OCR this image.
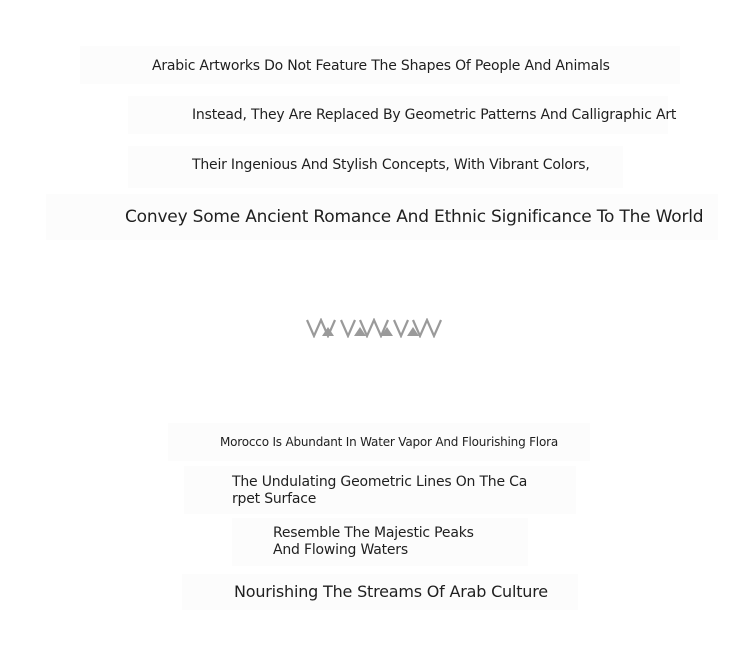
Arabic Artworks Do Not Feature The Shapes Of People And Animals
Instead, They Are Replaced By Geometric Patterns And Calligraphic Art
Their Ingenious And Stylish Concepts, With Vibrant Colors,
Convey Some Ancient Romance And Ethnic Significance To The World
Morocco Is Abundant In Water Vapor And Flourishing Flora
The Undulating Geometric Lines On The Carpet Surface
Resemble The Majestic Peaks And Flowing Waters
Nourishing The Streams Of Arab Culture
